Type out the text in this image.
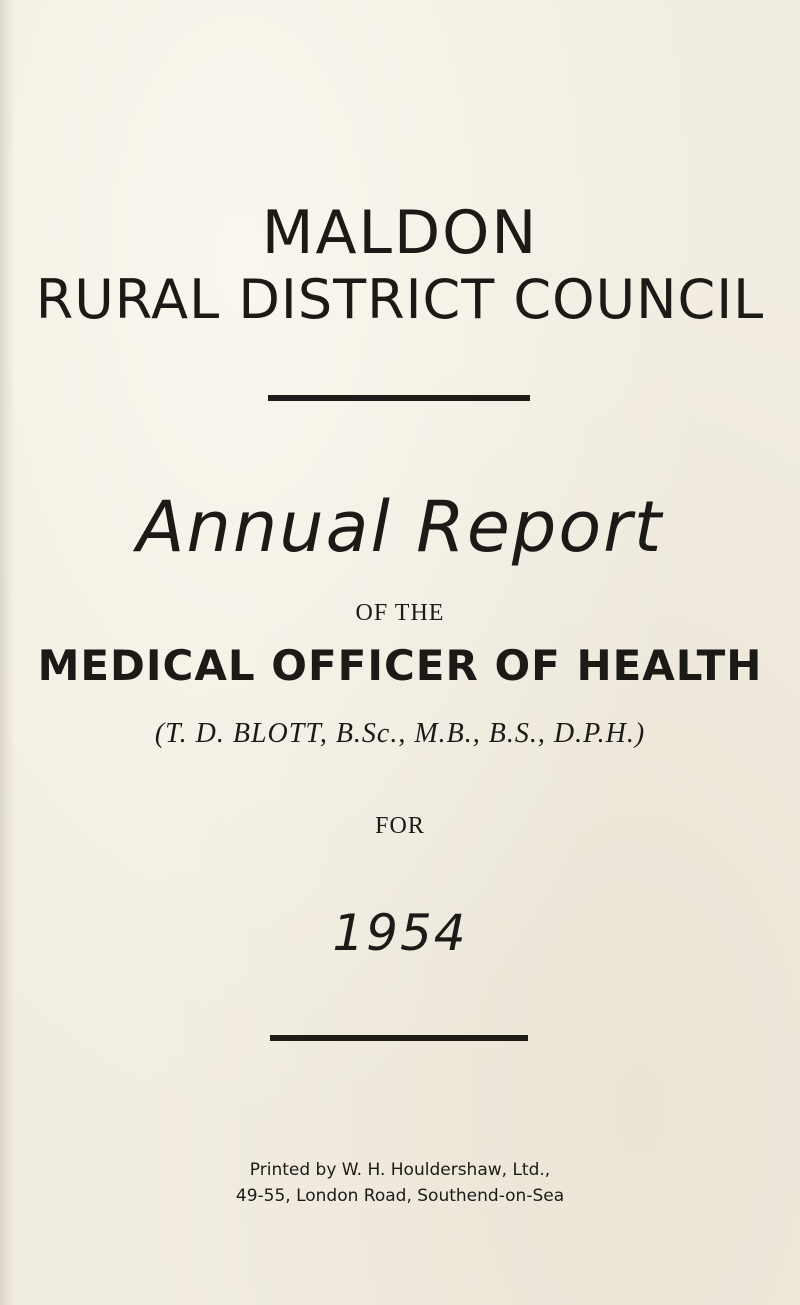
MALDON
RURAL DISTRICT COUNCIL
Annual Report
OF THE
MEDICAL OFFICER OF HEALTH
(T. D. BLOTT, B.Sc., M.B., B.S., D.P.H.)
FOR
1954
Printed by W. H. Houldershaw, Ltd.,
49-55, London Road, Southend-on-Sea
